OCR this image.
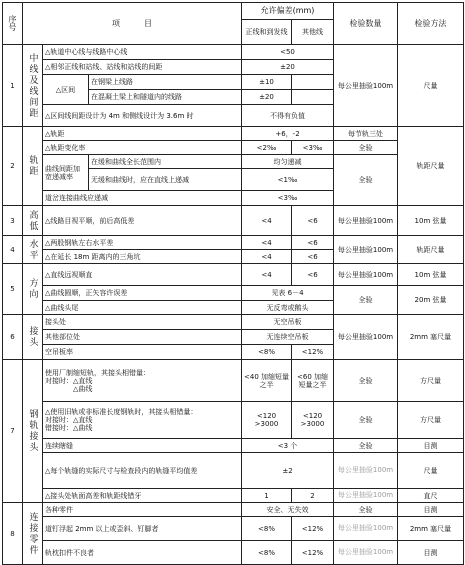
序号	项　　　目			允许偏差(mm)		检验数量	检验方法
				正线和到发线	其他线		
1	中线及线间距	△轨道中心线与线路中心线		<50		每公里抽验100m	尺量
		△相邻正线和站线、站线和站线的间距		±20			
		△区间	在钢梁上线路	±10			
			在混凝土梁上和隧道内的线路	±20			
		△区间线间距设计为 4m 和侧线设计为 3.6m 时		不得有负值			
2	轨距	△轨距		+6，-2		每节轨三处	轨距尺量
		△轨距变化率		<2‰	<3‰	全验	
		曲线间距加宽递减率	在缓和曲线全长范围内	均匀递减		全验	
			无缓和曲线时，应在直线上递减	<1‰			
		道岔连接曲线应递减		<3‰			
3	高低	△线路目视平顺，前后高低差		<4	<6	每公里抽验100m	10m 弦量
4	水平	△两股钢轨左右水平差		<4	<6	每公里抽验100m	轨距尺量
		△在延长 18m 距离内的三角坑		<4	<6		
5	方向	△直线远视顺直		<4	<6	每公里抽验100m	10m 弦量
		△曲线圆顺，正矢容许误差		见表 6－4		全验	20m 弦量
		△曲线头尾		无反弯或鹅头			
6	接头	接头处		无空吊板		每公里抽验100m	2mm 塞尺量
		其他部位处		无连续空吊板			
		空吊板率		<8%	<12%		
7	钢轨接头	使用厂制缩短轨，其接头相错量：
对接时：△直线
　　　　△曲线		<40 加缩短量之半	<60 加缩短量之半	全验	方尺量

		△使用旧轨或非标准长度钢轨时，其接头相错量：
对接时：△直线
错接时：△曲线		<120 >3000	<120 >3000	全验	方尺量
		连续瞎缝		<3 个		全验	目测
		△每个轨缝的实际尺寸与检查段内的轨缝平均值差		±2		每公里抽验100m	尺量
		△接头处轨面高差和轨距线错牙		1	2	每公里抽验100m	直尺
8	连接零件	各种零件		安全、无失效		全验	目测
		道钉浮起 2mm 以上或歪斜、钉脚者		<8%	<12%	每公里抽验100m	2mm 塞尺量
		轨枕扣件不良者		<8%	<12%	每公里抽验100m	目测
